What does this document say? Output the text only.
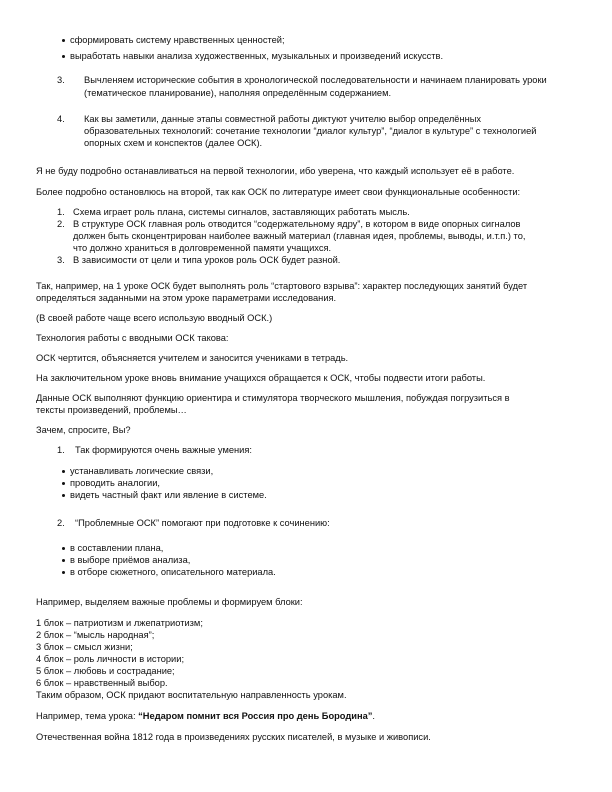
сформировать систему нравственных ценностей;
выработать навыки анализа художественных, музыкальных и произведений искусств.
3. Вычленяем исторические события в хронологической последовательности и начинаем планировать уроки
(тематическое планирование), наполняя определённым содержанием.
4. Как вы заметили, данные этапы совместной работы диктуют учителю выбор определённых
образовательных технологий: сочетание технологии “диалог культур”, “диалог в культуре” с технологией
опорных схем и конспектов (далее ОСК).
Я не буду подробно останавливаться на первой технологии, ибо уверена, что каждый использует её в работе.
Более подробно остановлюсь на второй, так как ОСК по литературе имеет свои функциональные особенности:
1. Схема играет роль плана, системы сигналов, заставляющих работать мысль.
2. В структуре ОСК главная роль отводится “содержательному ядру”, в котором в виде опорных сигналов
должен быть сконцентрирован наиболее важный материал (главная идея, проблемы, выводы, и.т.п.) то,
что должно храниться в долговременной памяти учащихся.
3. В зависимости от цели и типа уроков роль ОСК будет разной.
Так, например, на 1 уроке ОСК будет выполнять роль “стартового взрыва”: характер последующих занятий будет
определяться заданными на этом уроке параметрами исследования.
(В своей работе чаще всего использую вводный ОСК.)
Технология работы с вводными ОСК такова:
ОСК чертится, объясняется учителем и заносится учениками в тетрадь.
На заключительном уроке вновь внимание учащихся обращается к ОСК, чтобы подвести итоги работы.
Данные ОСК выполняют функцию ориентира и стимулятора творческого мышления, побуждая погрузиться в
тексты произведений, проблемы…
Зачем, спросите, Вы?
1. Так формируются очень важные умения:
устанавливать логические связи,
проводить аналогии,
видеть частный факт или явление в системе.
2. “Проблемные ОСК” помогают при подготовке к сочинению:
в составлении плана,
в выборе приёмов анализа,
в отборе сюжетного, описательного материала.
Например, выделяем важные проблемы и формируем блоки:
1 блок – патриотизм и лжепатриотизм;
2 блок – “мысль народная”;
3 блок – смысл жизни;
4 блок – роль личности в истории;
5 блок – любовь и сострадание;
6 блок – нравственный выбор.
Таким образом, ОСК придают воспитательную направленность урокам.
Например, тема урока: “Недаром помнит вся Россия про день Бородина”.
Отечественная война 1812 года в произведениях русских писателей, в музыке и живописи.
